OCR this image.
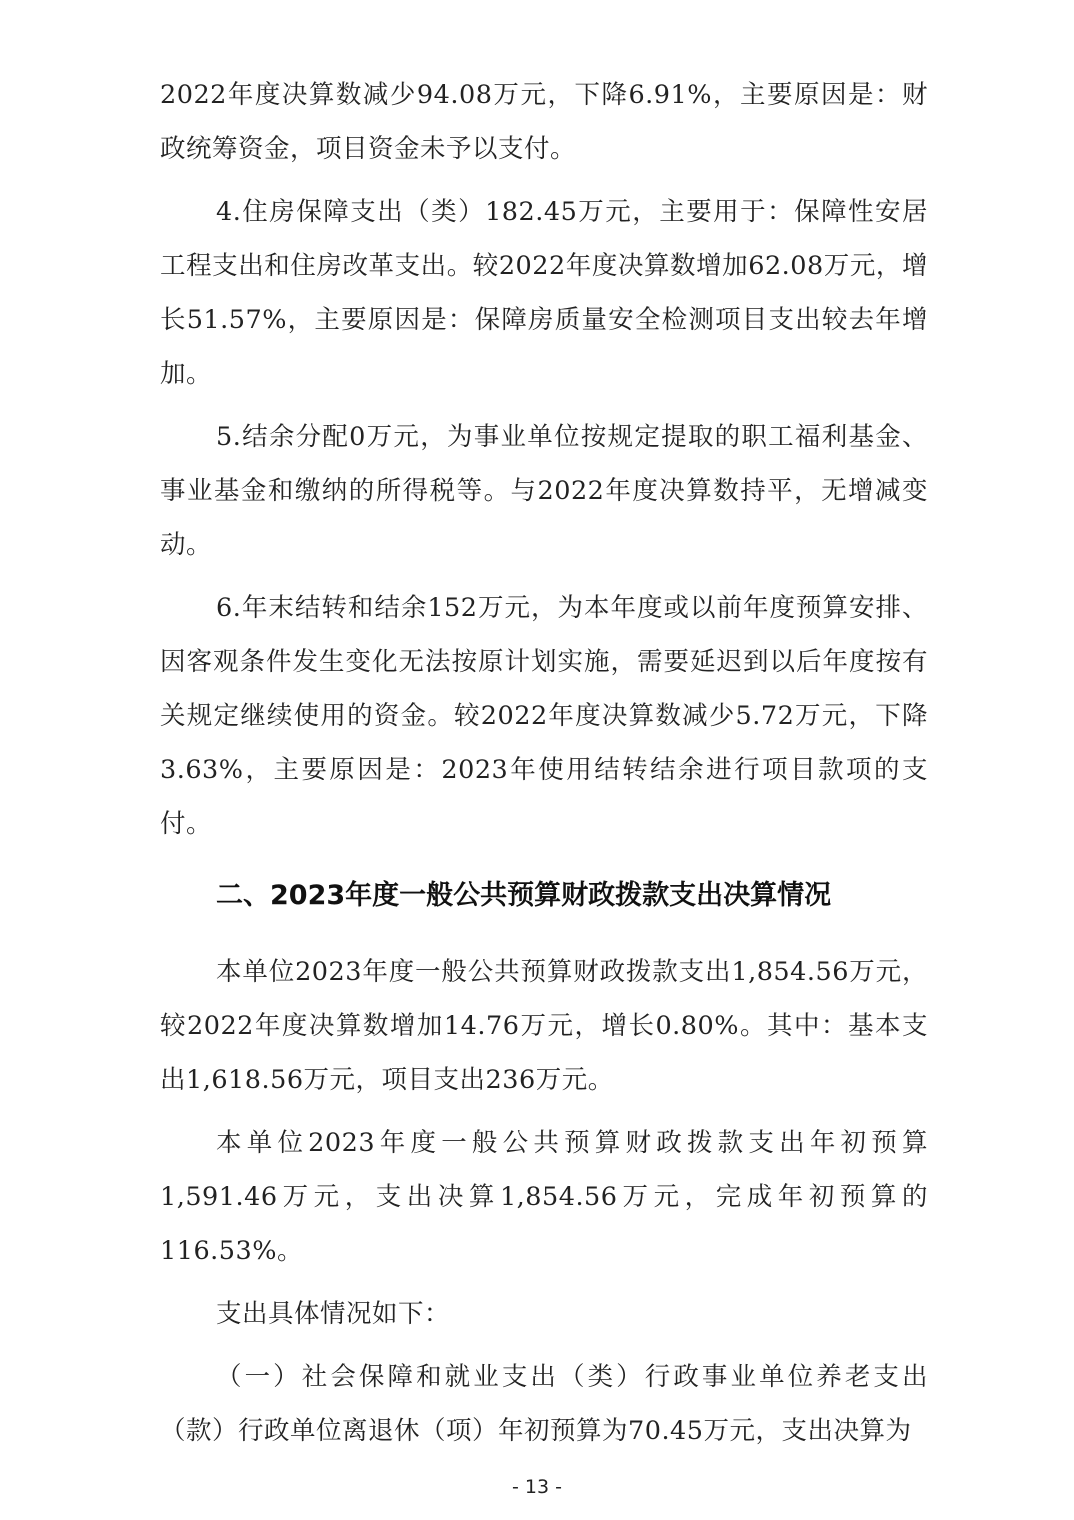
2022年度决算数减少94.08万元，下降6.91%，主要原因是：财政统筹资金，项目资金未予以支付。

4.住房保障支出（类）182.45万元，主要用于：保障性安居工程支出和住房改革支出。较2022年度决算数增加62.08万元，增长51.57%，主要原因是：保障房质量安全检测项目支出较去年增加。

5.结余分配0万元，为事业单位按规定提取的职工福利基金、事业基金和缴纳的所得税等。与2022年度决算数持平，无增减变动。

6.年末结转和结余152万元，为本年度或以前年度预算安排、因客观条件发生变化无法按原计划实施，需要延迟到以后年度按有关规定继续使用的资金。较2022年度决算数减少5.72万元，下降3.63%，主要原因是：2023年使用结转结余进行项目款项的支付。

二、2023年度一般公共预算财政拨款支出决算情况

本单位2023年度一般公共预算财政拨款支出1,854.56万元，较2022年度决算数增加14.76万元，增长0.80%。其中：基本支出1,618.56万元，项目支出236万元。

本单位2023年度一般公共预算财政拨款支出年初预算1,591.46万元，支出决算1,854.56万元，完成年初预算的116.53%。

支出具体情况如下：

（一）社会保障和就业支出（类）行政事业单位养老支出（款）行政单位离退休（项）年初预算为70.45万元，支出决算为

- 13 -
